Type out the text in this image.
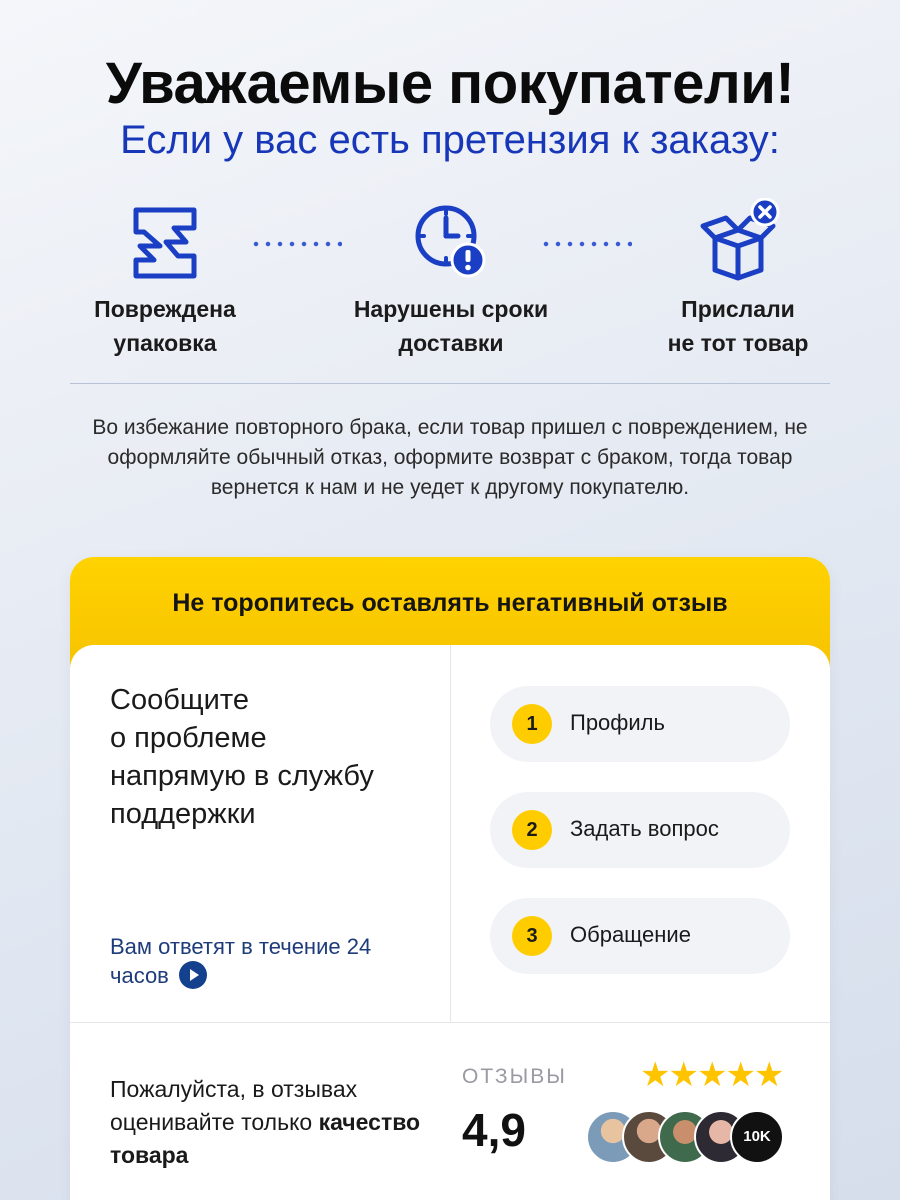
Уважаемые покупатели!
Если у вас есть претензия к заказу:
Повреждена
упаковка
Нарушены сроки
доставки
Прислали
не тот товар
Во избежание повторного брака, если товар пришел с повреждением, не оформляйте обычный отказ, оформите возврат с браком, тогда товар вернется к нам и не уедет к другому покупателю.
Не торопитесь оставлять негативный отзыв
Сообщите
о проблеме
напрямую в службу
поддержки
Вам ответят в течение 24 часов
1	Профиль
2	Задать вопрос
3	Обращение
Пожалуйста, в отзывах оценивайте только качество товара
ОТЗЫВЫ ★★★★★
4,9	10K
